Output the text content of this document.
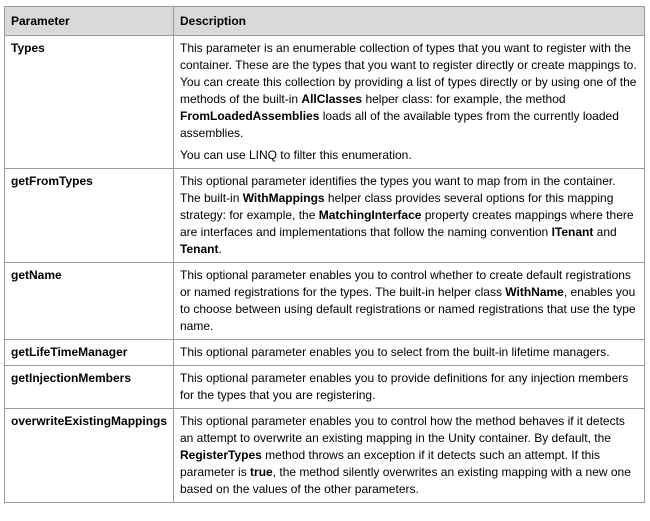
Parameter	Description
Types	This parameter is an enumerable collection of types that you want to register with the container. These are the types that you want to register directly or create mappings to. You can create this collection by providing a list of types directly or by using one of the methods of the built-in AllClasses helper class: for example, the method FromLoadedAssemblies loads all of the available types from the currently loaded assemblies.

You can use LINQ to filter this enumeration.

getFromTypes	This optional parameter identifies the types you want to map from in the container. The built-in WithMappings helper class provides several options for this mapping strategy: for example, the MatchingInterface property creates mappings where there are interfaces and implementations that follow the naming convention ITenant and Tenant.

getName	This optional parameter enables you to control whether to create default registrations or named registrations for the types. The built-in helper class WithName, enables you to choose between using default registrations or named registrations that use the type name.

getLifeTimeManager	This optional parameter enables you to select from the built-in lifetime managers.

getInjectionMembers	This optional parameter enables you to provide definitions for any injection members for the types that you are registering.

overwriteExistingMappings	This optional parameter enables you to control how the method behaves if it detects an attempt to overwrite an existing mapping in the Unity container. By default, the RegisterTypes method throws an exception if it detects such an attempt. If this parameter is true, the method silently overwrites an existing mapping with a new one based on the values of the other parameters.
